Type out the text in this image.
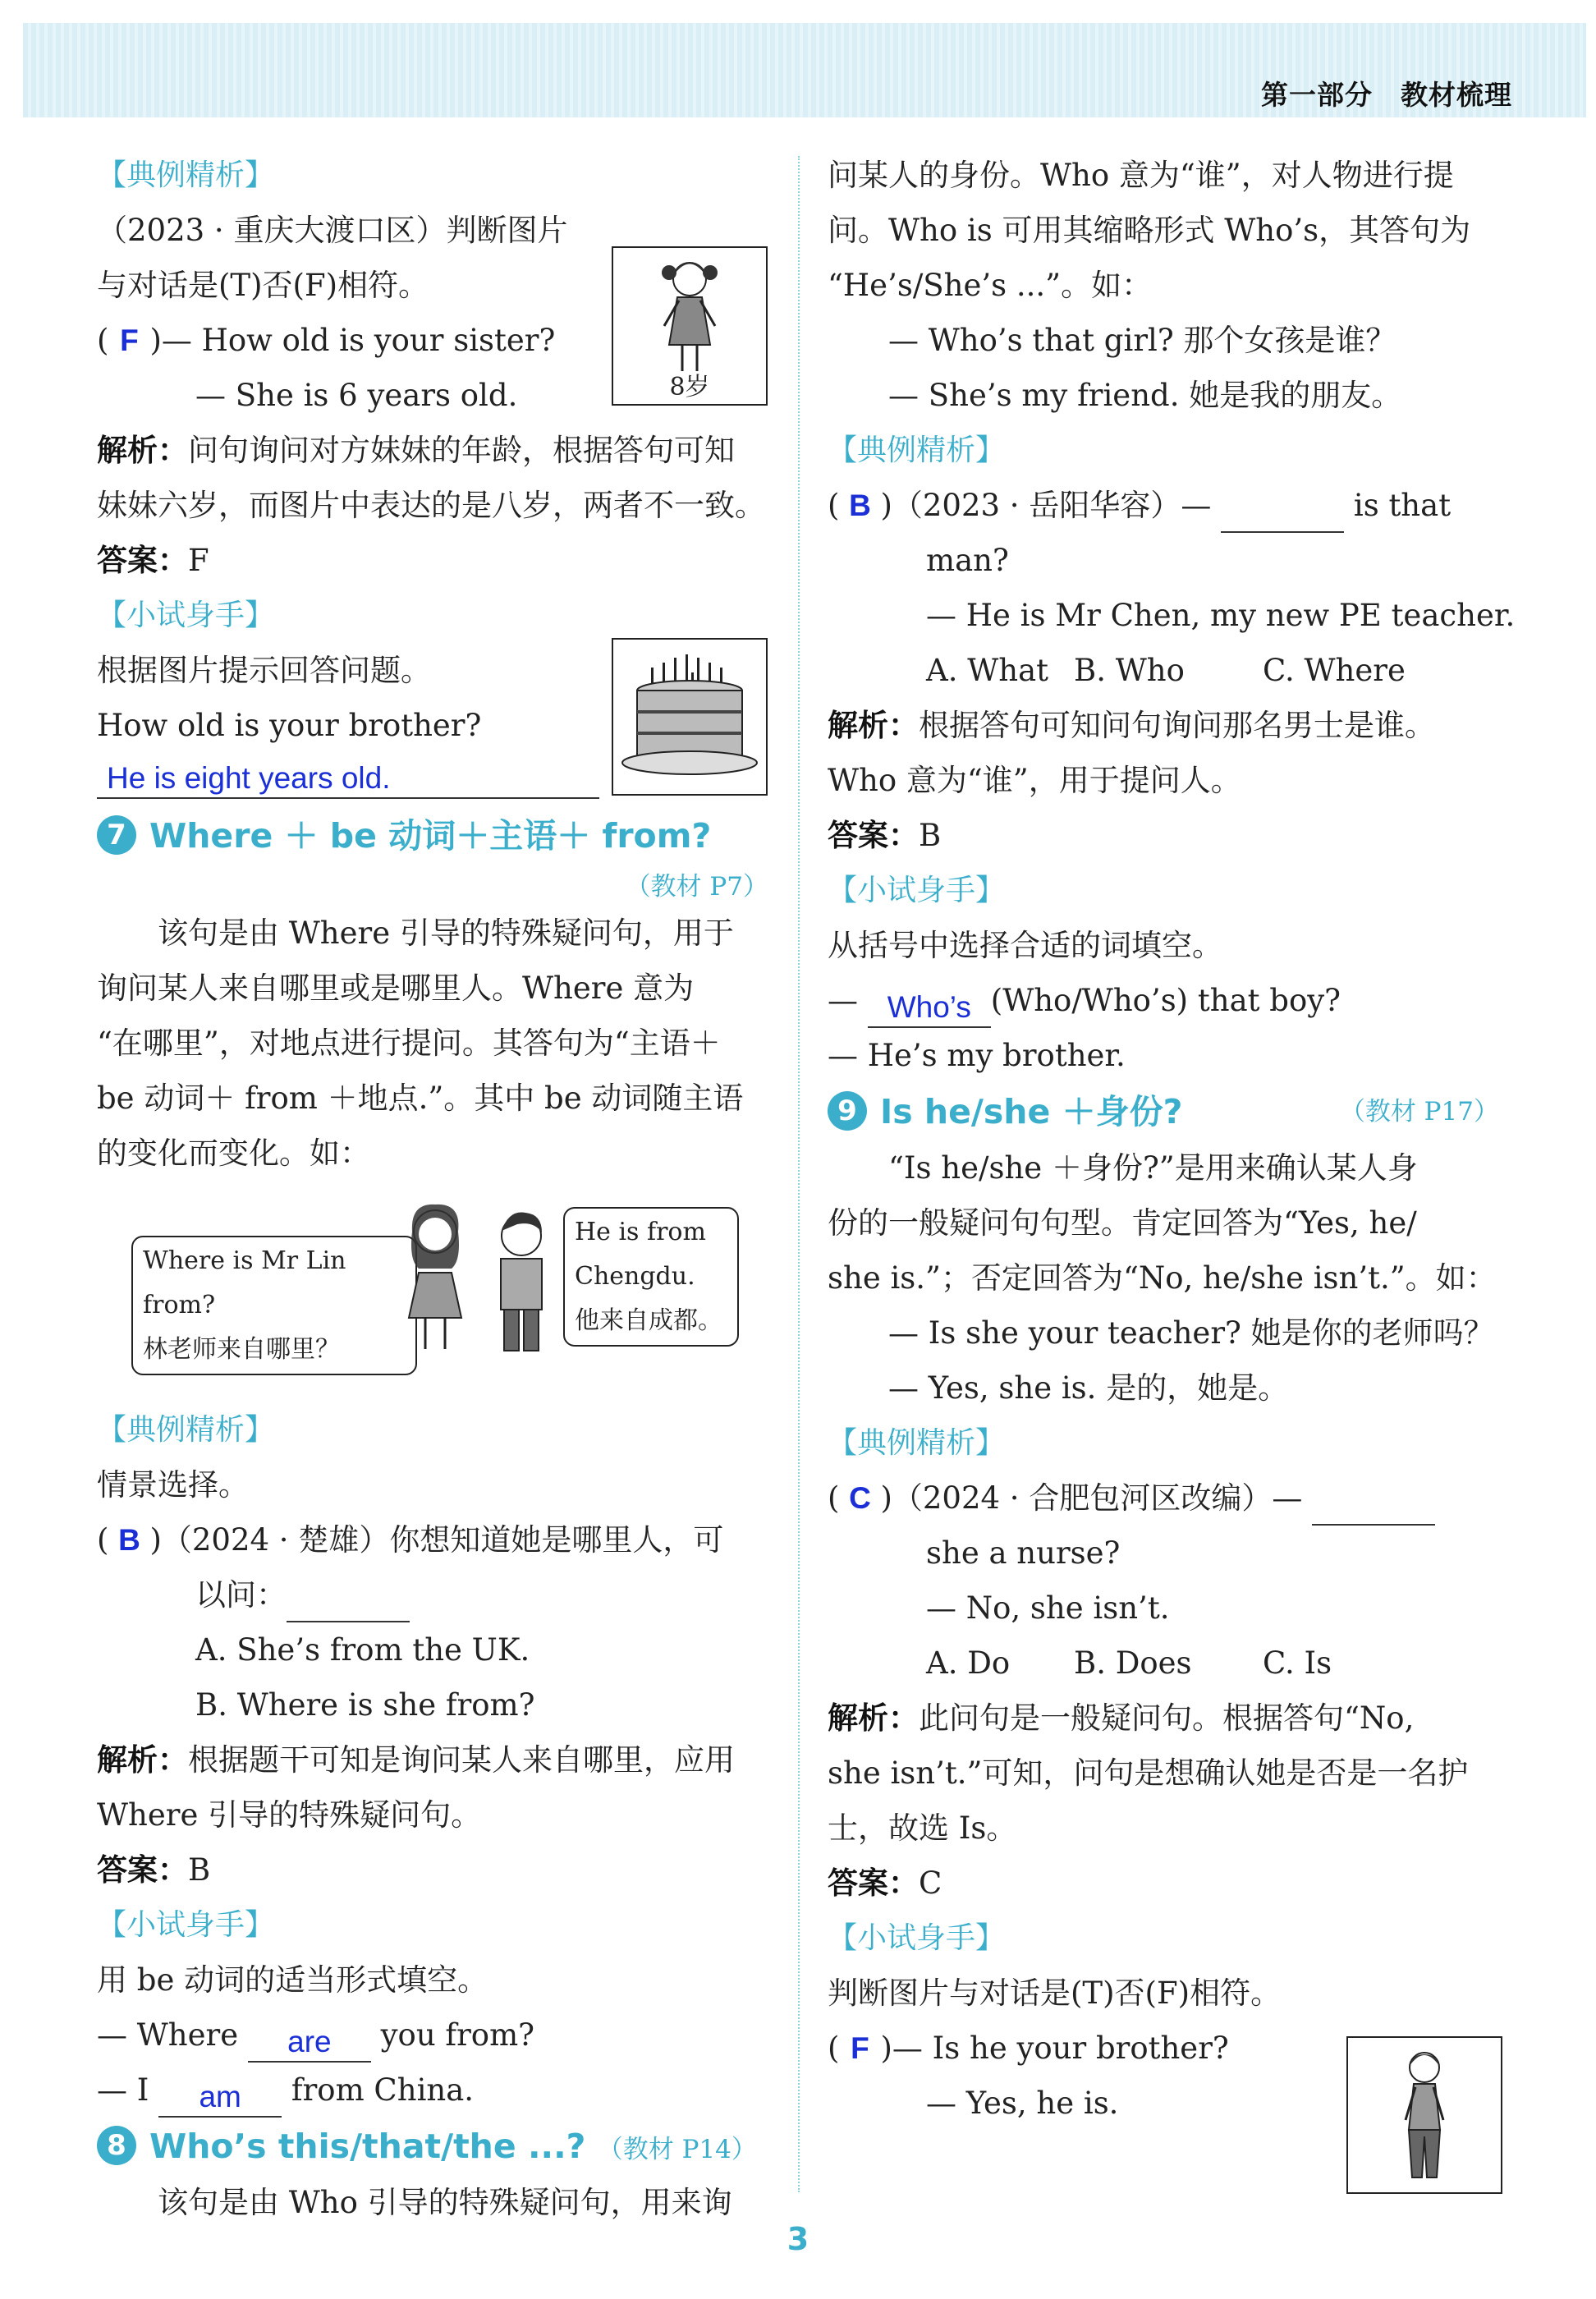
第一部分 教材梳理
【典例精析】
（2023 · 重庆大渡口区）判断图片
与对话是(T)否(F)相符。
( F )— How old is your sister?
— She is 6 years old.
解析：问句询问对方妹妹的年龄，根据答句可知
妹妹六岁，而图片中表达的是八岁，两者不一致。
答案：F
【小试身手】
根据图片提示回答问题。
How old is your brother?
He is eight years old.
7 Where ＋ be 动词＋主语＋ from?
（教材 P7）
该句是由 Where 引导的特殊疑问句，用于
询问某人来自哪里或是哪里人。Where 意为
“在哪里”，对地点进行提问。其答句为“主语＋
be 动词＋ from ＋地点.”。其中 be 动词随主语
的变化而变化。如：
【典例精析】
情景选择。
( B )（2024 · 楚雄）你想知道她是哪里人，可
以问：
A. She’s from the UK.
B. Where is she from?
解析：根据题干可知是询问某人来自哪里，应用
Where 引导的特殊疑问句。
答案：B
【小试身手】
用 be 动词的适当形式填空。
— Where are you from?
— I am from China.
8 Who’s this/that/the ...? （教材 P14）
该句是由 Who 引导的特殊疑问句，用来询
8岁
Where is Mr Lin from?
林老师来自哪里？
He is from
Chengdu.
他来自成都。
问某人的身份。Who 意为“谁”，对人物进行提
问。Who is 可用其缩略形式 Who’s，其答句为
“He’s/She’s ...”。如：
— Who’s that girl? 那个女孩是谁？
— She’s my friend. 她是我的朋友。
【典例精析】
( B )（2023 · 岳阳华容）—	is that
man?
— He is Mr Chen, my new PE teacher.
A. What B. Who	C. Where
解析：根据答句可知问句询问那名男士是谁。
Who 意为“谁”，用于提问人。
答案：B
【小试身手】
从括号中选择合适的词填空。
— Who’s (Who/Who’s) that boy?
— He’s my brother.
9 Is he/she ＋身份?	（教材 P17）
“Is he/she ＋身份?”是用来确认某人身
份的一般疑问句句型。肯定回答为“Yes, he/
she is.”；否定回答为“No, he/she isn’t.”。如：
— Is she your teacher? 她是你的老师吗？
— Yes, she is. 是的，她是。
【典例精析】
( C )（2024 · 合肥包河区改编）—
she a nurse?
— No, she isn’t.
A. Do B. Does C. Is
解析：此问句是一般疑问句。根据答句“No,
she isn’t.”可知，问句是想确认她是否是一名护
士，故选 Is。
答案：C
【小试身手】
判断图片与对话是(T)否(F)相符。
( F )— Is he your brother?
— Yes, he is.
3
